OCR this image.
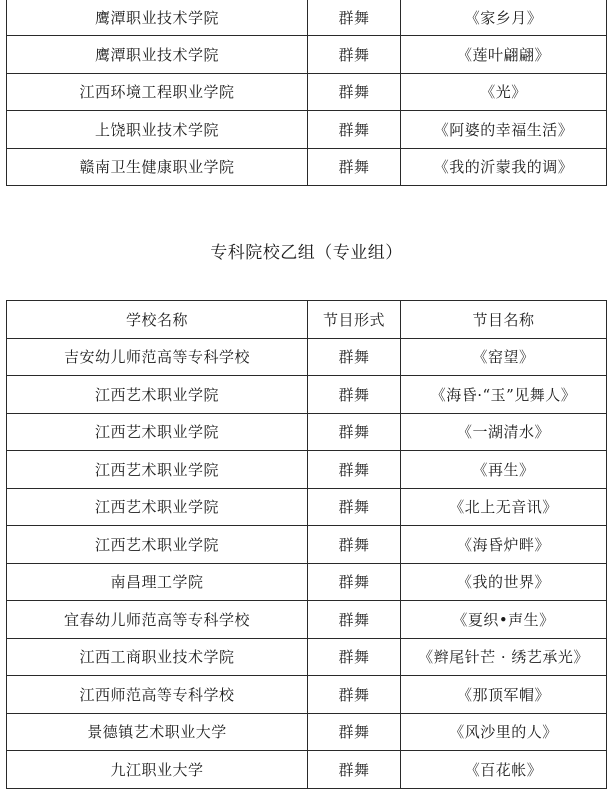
鹰潭职业技术学院	群舞	《家乡月》
鹰潭职业技术学院	群舞	《莲叶翩翩》
江西环境工程职业学院	群舞	《光》
上饶职业技术学院	群舞	《阿婆的幸福生活》
赣南卫生健康职业学院	群舞	《我的沂蒙我的调》
专科院校乙组（专业组）
学校名称	节目形式	节目名称
吉安幼儿师范高等专科学校	群舞	《窑望》
江西艺术职业学院	群舞	《海昏·“玉”见舞人》
江西艺术职业学院	群舞	《一湖清水》
江西艺术职业学院	群舞	《再生》
江西艺术职业学院	群舞	《北上无音讯》
江西艺术职业学院	群舞	《海昏炉畔》
南昌理工学院	群舞	《我的世界》
宜春幼儿师范高等专科学校	群舞	《夏织•声生》
江西工商职业技术学院	群舞	《辫尾针芒 · 绣艺承光》
江西师范高等专科学校	群舞	《那顶军帽》
景德镇艺术职业大学	群舞	《风沙里的人》
九江职业大学	群舞	《百花帐》
